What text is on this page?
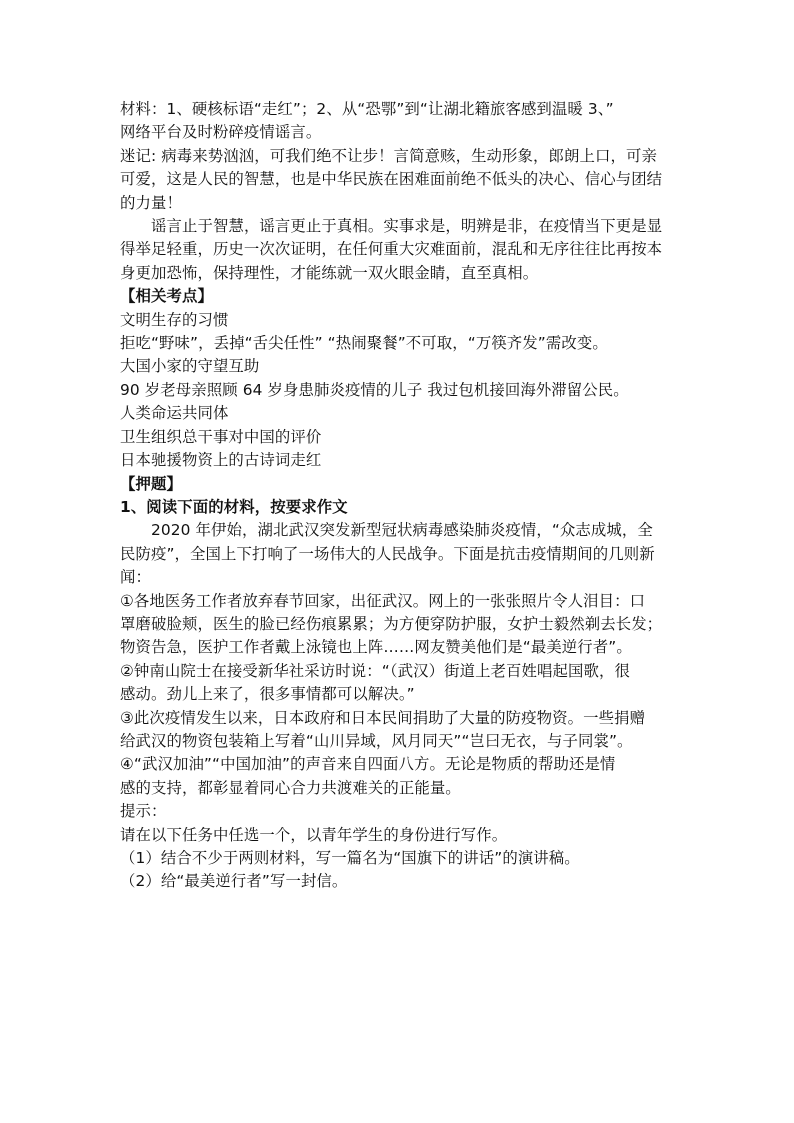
材料：1、硬核标语“走红”；2、从“恐鄂”到“让湖北籍旅客感到温暖 3、”
网络平台及时粉碎疫情谣言。
迷记: 病毒来势汹汹，可我们绝不让步！言简意赅，生动形象，郎朗上口，可亲
可爱，这是人民的智慧，也是中华民族在困难面前绝不低头的决心、信心与团结
的力量！
谣言止于智慧，谣言更止于真相。实事求是，明辨是非，在疫情当下更是显
得举足轻重，历史一次次证明，在任何重大灾难面前，混乱和无序往往比再按本
身更加恐怖，保持理性，才能练就一双火眼金睛，直至真相。
【相关考点】
文明生存的习惯
拒吃“野味”，丢掉“舌尖任性” “热闹聚餐”不可取，“万筷齐发”需改变。
大国小家的守望互助
90 岁老母亲照顾 64 岁身患肺炎疫情的儿子 我过包机接回海外滞留公民。
人类命运共同体
卫生组织总干事对中国的评价
日本驰援物资上的古诗词走红
【押题】
1、阅读下面的材料，按要求作文
2020 年伊始，湖北武汉突发新型冠状病毒感染肺炎疫情，“众志成城，全
民防疫”，全国上下打响了一场伟大的人民战争。下面是抗击疫情期间的几则新
闻：
①各地医务工作者放弃春节回家，出征武汉。网上的一张张照片令人泪目：口
罩磨破脸颊，医生的脸已经伤痕累累；为方便穿防护服，女护士毅然剃去长发；
物资告急，医护工作者戴上泳镜也上阵……网友赞美他们是“最美逆行者”。
②钟南山院士在接受新华社采访时说：“（武汉）街道上老百姓唱起国歌，很
感动。劲儿上来了，很多事情都可以解决。”
③此次疫情发生以来，日本政府和日本民间捐助了大量的防疫物资。一些捐赠
给武汉的物资包装箱上写着“山川异域，风月同天”“岂曰无衣，与子同裳”。
④“武汉加油”“中国加油”的声音来自四面八方。无论是物质的帮助还是情
感的支持，都彰显着同心合力共渡难关的正能量。
提示：
请在以下任务中任选一个，以青年学生的身份进行写作。
（1）结合不少于两则材料，写一篇名为“国旗下的讲话”的演讲稿。
（2）给“最美逆行者”写一封信。
